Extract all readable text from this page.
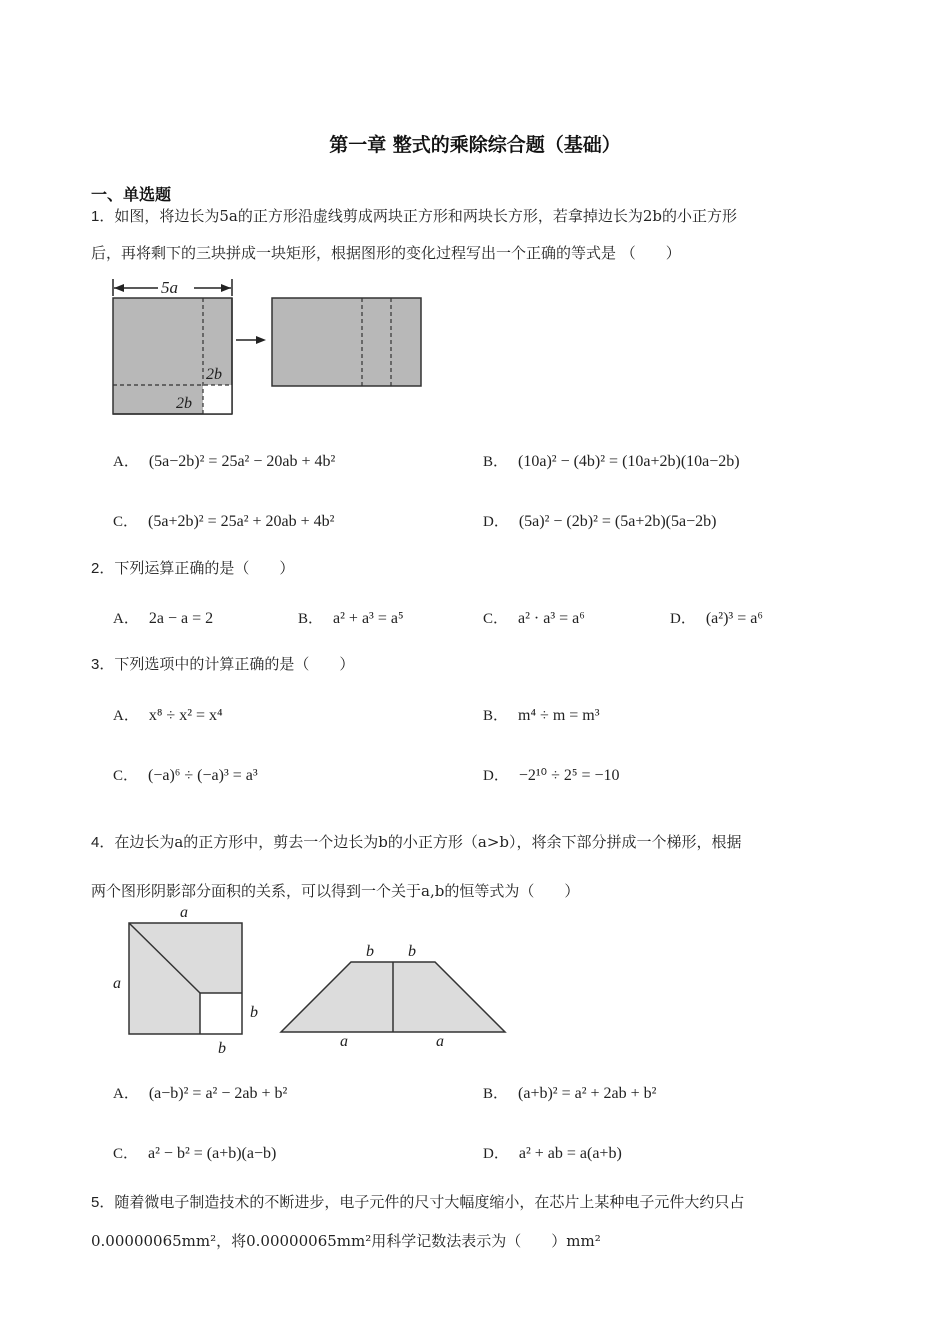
第一章 整式的乘除综合题（基础）
一、单选题
1．如图，将边长为5a的正方形沿虚线剪成两块正方形和两块长方形，若拿掉边长为2b的小正方形
后，再将剩下的三块拼成一块矩形，根据图形的变化过程写出一个正确的等式是 （　　）
5a
2b
2b
A． (5a−2b)² = 25a² − 20ab + 4b²	B． (10a)² − (4b)² = (10a+2b)(10a−2b)
C． (5a+2b)² = 25a² + 20ab + 4b²	D． (5a)² − (2b)² = (5a+2b)(5a−2b)
2．下列运算正确的是（　　）
A． 2a − a = 2	B． a² + a³ = a⁵	C． a² · a³ = a⁶	D． (a²)³ = a⁶
3．下列选项中的计算正确的是（　　）
A． x⁸ ÷ x² = x⁴	B． m⁴ ÷ m = m³
C． (−a)⁶ ÷ (−a)³ = a³	D． −2¹⁰ ÷ 2⁵ = −10
4．在边长为a的正方形中，剪去一个边长为b的小正方形（a>b），将余下部分拼成一个梯形，根据
两个图形阴影部分面积的关系，可以得到一个关于a,b的恒等式为（　　）
a
a
b
b
b b
a	a
A． (a−b)² = a² − 2ab + b²	B． (a+b)² = a² + 2ab + b²
C． a² − b² = (a+b)(a−b)	D． a² + ab = a(a+b)
5．随着微电子制造技术的不断进步，电子元件的尺寸大幅度缩小，在芯片上某种电子元件大约只占
0.00000065mm²，将0.00000065mm²用科学记数法表示为（　　）mm²
